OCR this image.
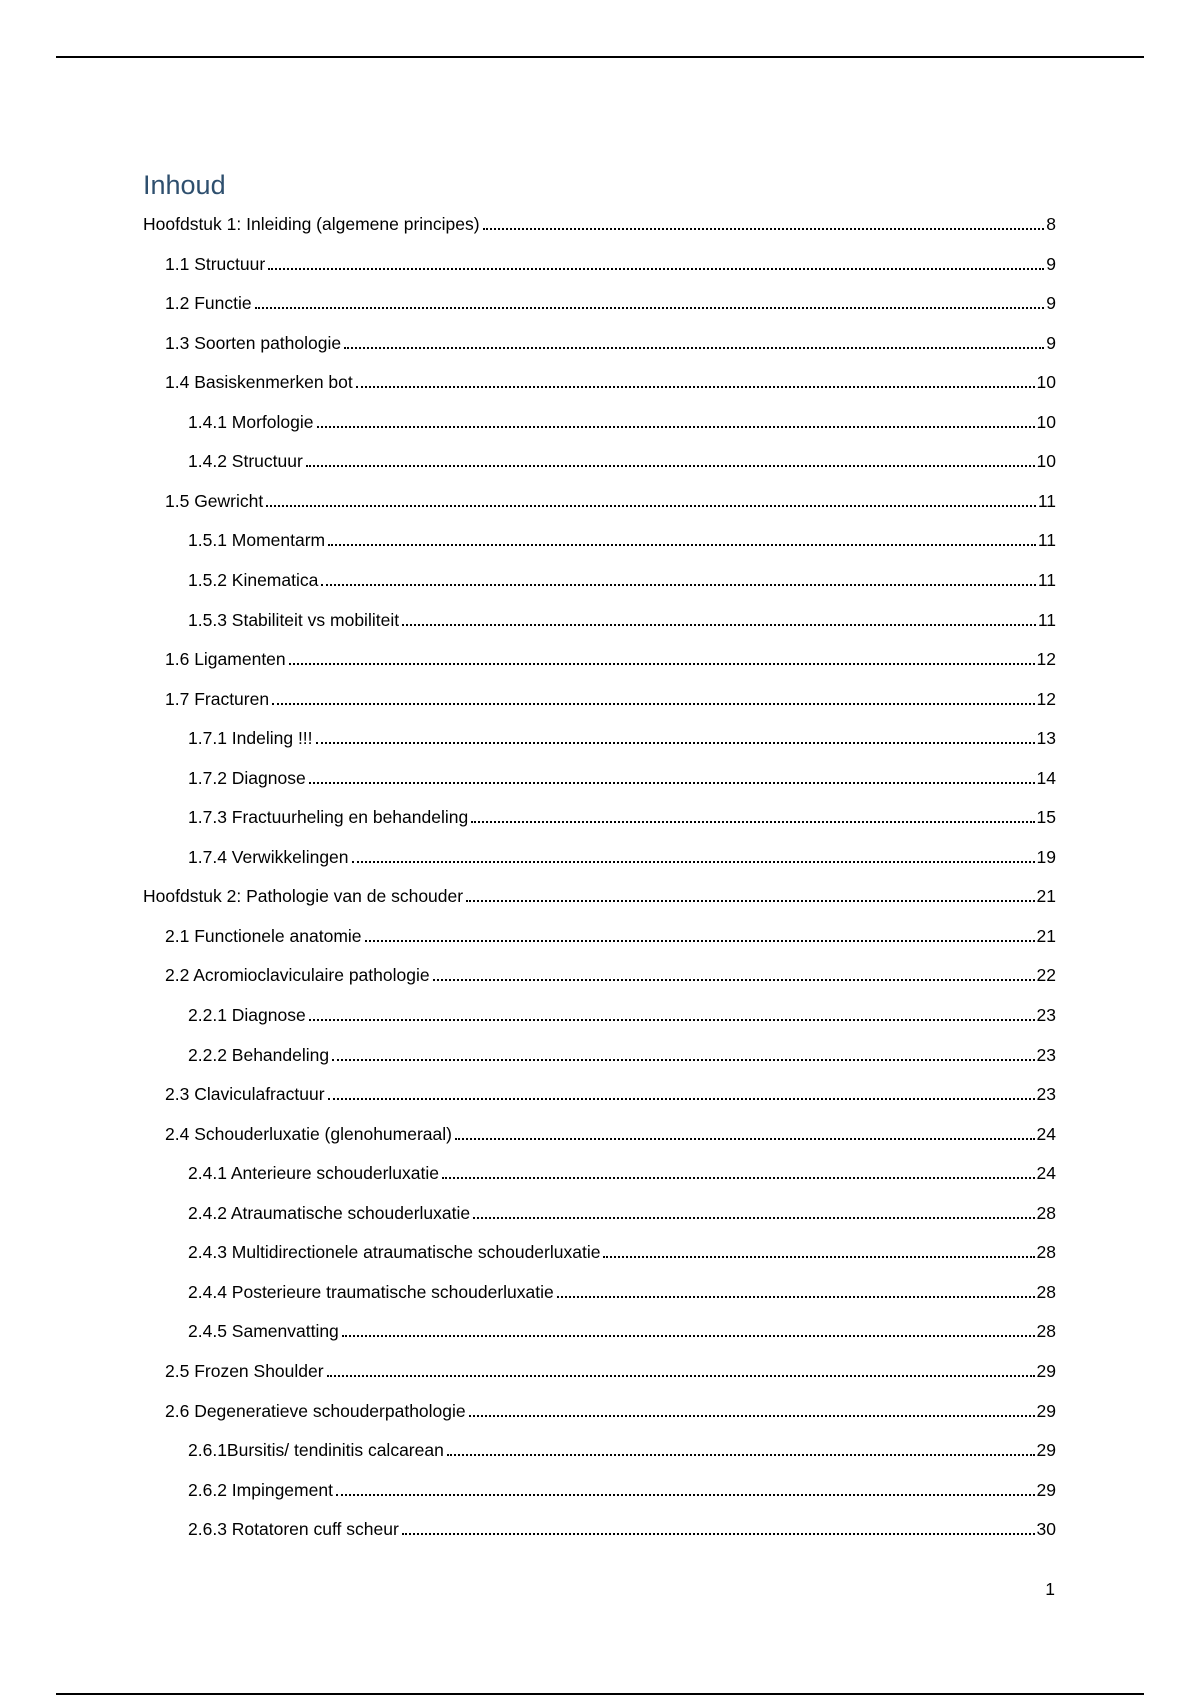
Inhoud
Hoofdstuk 1: Inleiding (algemene principes)	8
1.1 Structuur	9
1.2 Functie	9
1.3 Soorten pathologie	9
1.4 Basiskenmerken bot	10
1.4.1 Morfologie	10
1.4.2 Structuur	10
1.5 Gewricht	11
1.5.1 Momentarm	11
1.5.2 Kinematica	11
1.5.3 Stabiliteit vs mobiliteit	11
1.6 Ligamenten	12
1.7 Fracturen	12
1.7.1 Indeling !!!	13
1.7.2 Diagnose	14
1.7.3 Fractuurheling en behandeling	15
1.7.4 Verwikkelingen	19
Hoofdstuk 2: Pathologie van de schouder	21
2.1 Functionele anatomie	21
2.2 Acromioclaviculaire pathologie	22
2.2.1 Diagnose	23
2.2.2 Behandeling	23
2.3 Claviculafractuur	23
2.4 Schouderluxatie (glenohumeraal)	24
2.4.1 Anterieure schouderluxatie	24
2.4.2 Atraumatische schouderluxatie	28
2.4.3 Multidirectionele atraumatische schouderluxatie	28
2.4.4 Posterieure traumatische schouderluxatie	28
2.4.5 Samenvatting	28
2.5 Frozen Shoulder	29
2.6 Degeneratieve schouderpathologie	29
2.6.1Bursitis/ tendinitis calcarean	29
2.6.2 Impingement	29
2.6.3 Rotatoren cuff scheur	30
1
